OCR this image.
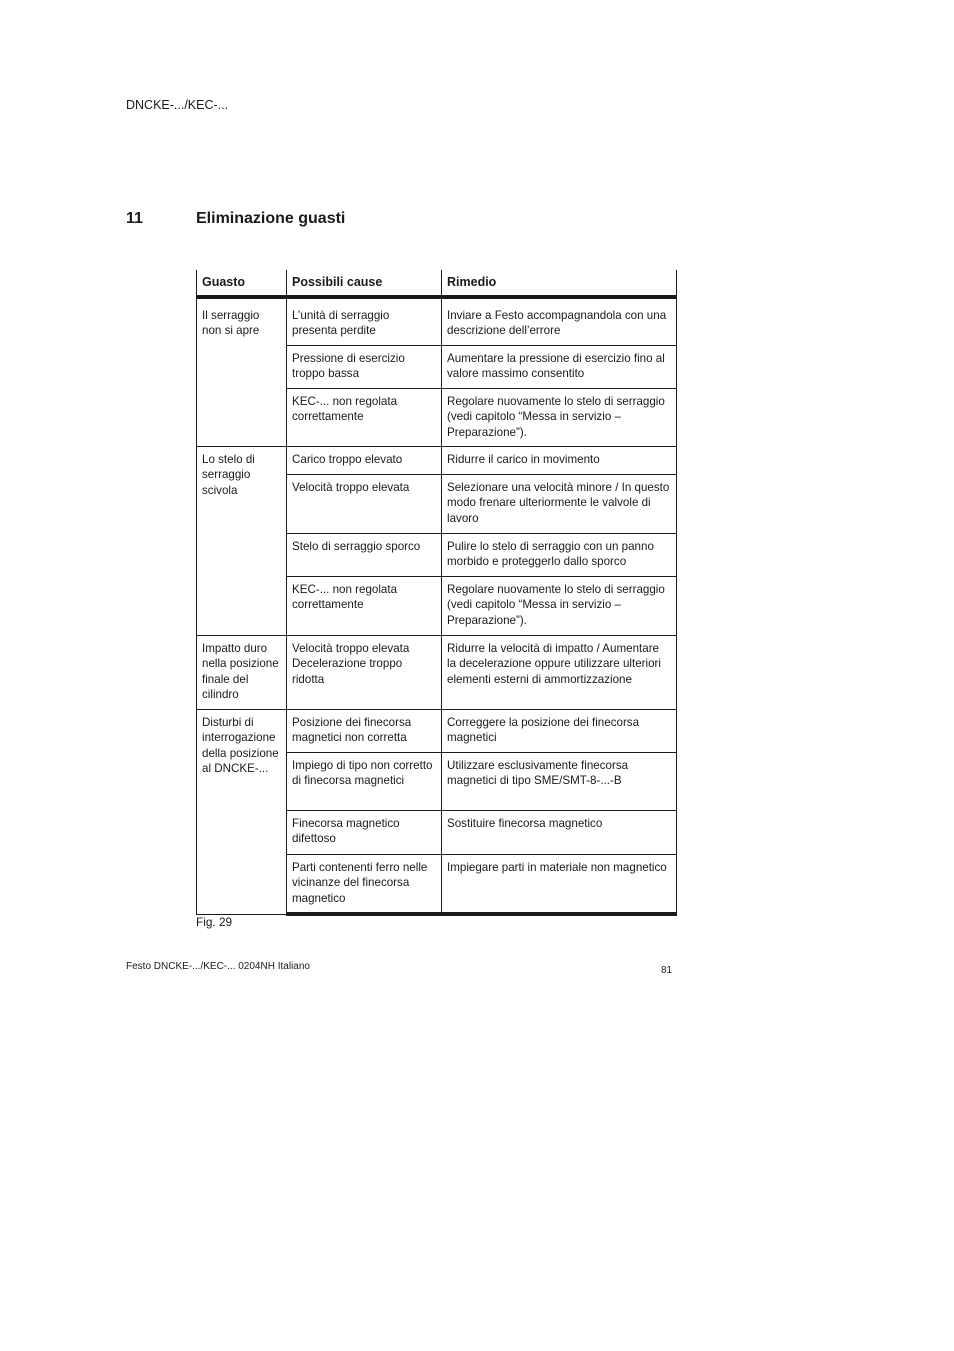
DNCKE-.../KEC-...
11	Eliminazione guasti
Guasto	Possibili cause	Rimedio
Il serraggio non si apre	L’unità di serraggio presenta perdite	Inviare a Festo accompagnandola con una descrizione dell’errore
	Pressione di esercizio troppo bassa	Aumentare la pressione di esercizio fino al valore massimo consentito
	KEC-... non regolata correttamente	Regolare nuovamente lo stelo di serraggio (vedi capitolo “Messa in servizio – Preparazione”).
Lo stelo di serraggio scivola	Carico troppo elevato	Ridurre il carico in movimento
	Velocità troppo elevata	Selezionare una velocità minore / In questo modo frenare ulteriormente le valvole di lavoro
	Stelo di serraggio sporco	Pulire lo stelo di serraggio con un panno morbido e proteggerlo dallo sporco
	KEC-... non regolata correttamente	Regolare nuovamente lo stelo di serraggio (vedi capitolo “Messa in servizio – Preparazione”).
Impatto duro nella posizione finale del cilindro	Velocità troppo elevata Decelerazione troppo ridotta	Ridurre la velocità di impatto / Aumentare la decelerazione oppure utilizzare ulteriori elementi esterni di ammortizzazione
Disturbi di interrogazione della posizione al DNCKE-...	Posizione dei finecorsa magnetici non corretta	Correggere la posizione dei finecorsa magnetici
	Impiego di tipo non corretto di finecorsa magnetici	Utilizzare esclusivamente finecorsa magnetici di tipo SME/SMT-8-...-B
	Finecorsa magnetico difettoso	Sostituire finecorsa magnetico
	Parti contenenti ferro nelle vicinanze del finecorsa magnetico	Impiegare parti in materiale non magnetico
Fig. 29
Festo DNCKE-.../KEC-... 0204NH Italiano	81
